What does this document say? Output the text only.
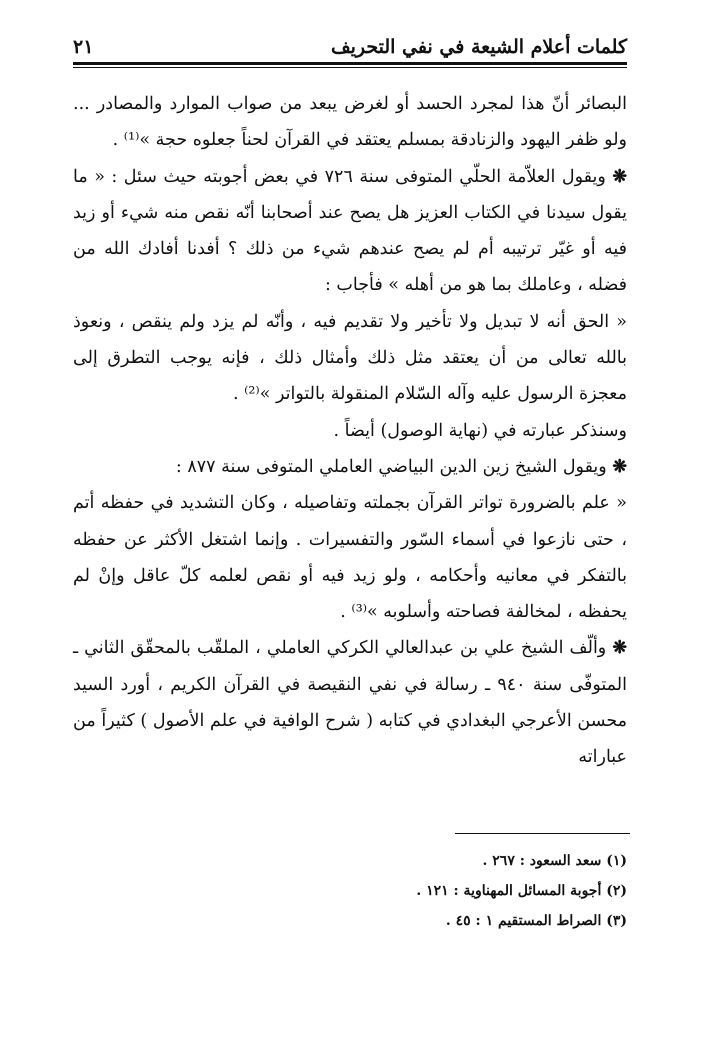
كلمات أعلام الشيعة في نفي التحريف
٢١

البصائر أنّ هذا لمجرد الحسد أو لغرض يبعد من صواب الموارد والمصادر ... ولو ظفر اليهود والزنادقة بمسلم يعتقد في القرآن لحناً جعلوه حجة »⁽¹⁾ .

❋ ويقول العلاّمة الحلّي المتوفى سنة ٧٢٦ في بعض أجوبته حيث سئل : « ما يقول سيدنا في الكتاب العزيز هل يصح عند أصحابنا أنّه نقص منه شيء أو زيد فيه أو غيّر ترتيبه أم لم يصح عندهم شيء من ذلك ؟ أفدنا أفادك الله من فضله ، وعاملك بما هو من أهله » فأجاب :

« الحق أنه لا تبديل ولا تأخير ولا تقديم فيه ، وأنّه لم يزد ولم ينقص ، ونعوذ بالله تعالى من أن يعتقد مثل ذلك وأمثال ذلك ، فإنه يوجب التطرق إلى معجزة الرسول عليه وآله السّلام المنقولة بالتواتر »⁽²⁾ .

وسنذكر عبارته في (نهاية الوصول) أيضاً .

❋ ويقول الشيخ زين الدين البياضي العاملي المتوفى سنة ٨٧٧ :

« علم بالضرورة تواتر القرآن بجملته وتفاصيله ، وكان التشديد في حفظه أتم ، حتى نازعوا في أسماء السّور والتفسيرات . وإنما اشتغل الأكثر عن حفظه بالتفكر في معانيه وأحكامه ، ولو زيد فيه أو نقص لعلمه كلّ عاقل وإنْ لم يحفظه ، لمخالفة فصاحته وأسلوبه »⁽³⁾ .

❋ وألّف الشيخ علي بن عبدالعالي الكركي العاملي ، الملقّب بالمحقّق الثاني ـ المتوفّى سنة ٩٤٠ ـ رسالة في نفي النقيصة في القرآن الكريم ، أورد السيد محسن الأعرجي البغدادي في كتابه ( شرح الوافية في علم الأصول ) كثيراً من عباراته

(١) سعد السعود : ٢٦٧ .
(٢) أجوبة المسائل المهناوية : ١٢١ .
(٣) الصراط المستقيم ١ : ٤٥ .
